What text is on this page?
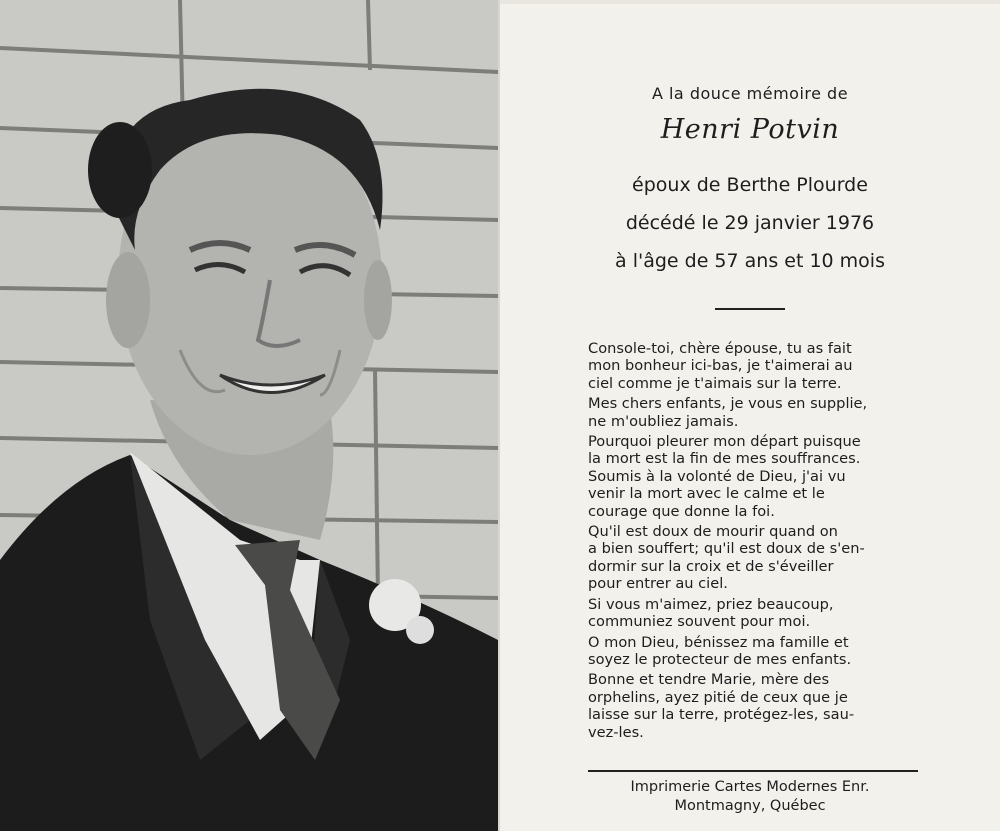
A la douce mémoire de
Henri Potvin
époux de Berthe Plourde
décédé le 29 janvier 1976
à l'âge de 57 ans et 10 mois

Console-toi, chère épouse, tu as fait
mon bonheur ici-bas, je t'aimerai au
ciel comme je t'aimais sur la terre.

Mes chers enfants, je vous en supplie,
ne m'oubliez jamais.

Pourquoi pleurer mon départ puisque
la mort est la fin de mes souffrances.
Soumis à la volonté de Dieu, j'ai vu
venir la mort avec le calme et le
courage que donne la foi.

Qu'il est doux de mourir quand on
a bien souffert; qu'il est doux de s'en-
dormir sur la croix et de s'éveiller
pour entrer au ciel.

Si vous m'aimez, priez beaucoup,
communiez souvent pour moi.

O mon Dieu, bénissez ma famille et
soyez le protecteur de mes enfants.

Bonne et tendre Marie, mère des
orphelins, ayez pitié de ceux que je
laisse sur la terre, protégez-les, sau-
vez-les.

Imprimerie Cartes Modernes Enr.
Montmagny, Québec
